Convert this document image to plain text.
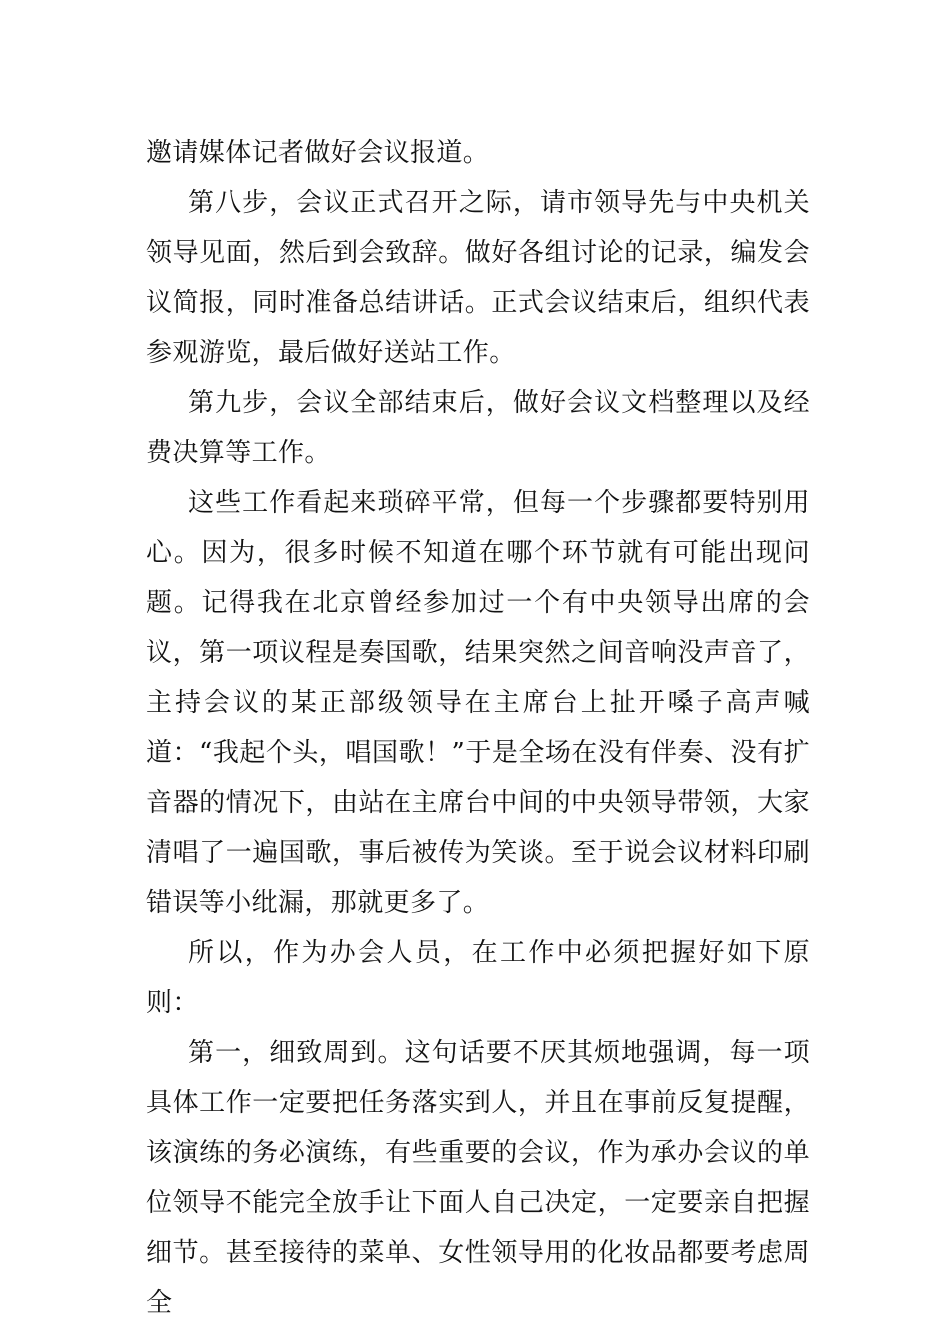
邀请媒体记者做好会议报道。

第八步，会议正式召开之际，请市领导先与中央机关领导见面，然后到会致辞。做好各组讨论的记录，编发会议简报，同时准备总结讲话。正式会议结束后，组织代表参观游览，最后做好送站工作。

第九步，会议全部结束后，做好会议文档整理以及经费决算等工作。

这些工作看起来琐碎平常，但每一个步骤都要特别用心。因为，很多时候不知道在哪个环节就有可能出现问题。记得我在北京曾经参加过一个有中央领导出席的会议，第一项议程是奏国歌，结果突然之间音响没声音了，主持会议的某正部级领导在主席台上扯开嗓子高声喊道：“我起个头，唱国歌！”于是全场在没有伴奏、没有扩音器的情况下，由站在主席台中间的中央领导带领，大家清唱了一遍国歌，事后被传为笑谈。至于说会议材料印刷错误等小纰漏，那就更多了。

所以，作为办会人员，在工作中必须把握好如下原则：

第一，细致周到。这句话要不厌其烦地强调，每一项具体工作一定要把任务落实到人，并且在事前反复提醒，该演练的务必演练，有些重要的会议，作为承办会议的单位领导不能完全放手让下面人自己决定，一定要亲自把握细节。甚至接待的菜单、女性领导用的化妆品都要考虑周全
